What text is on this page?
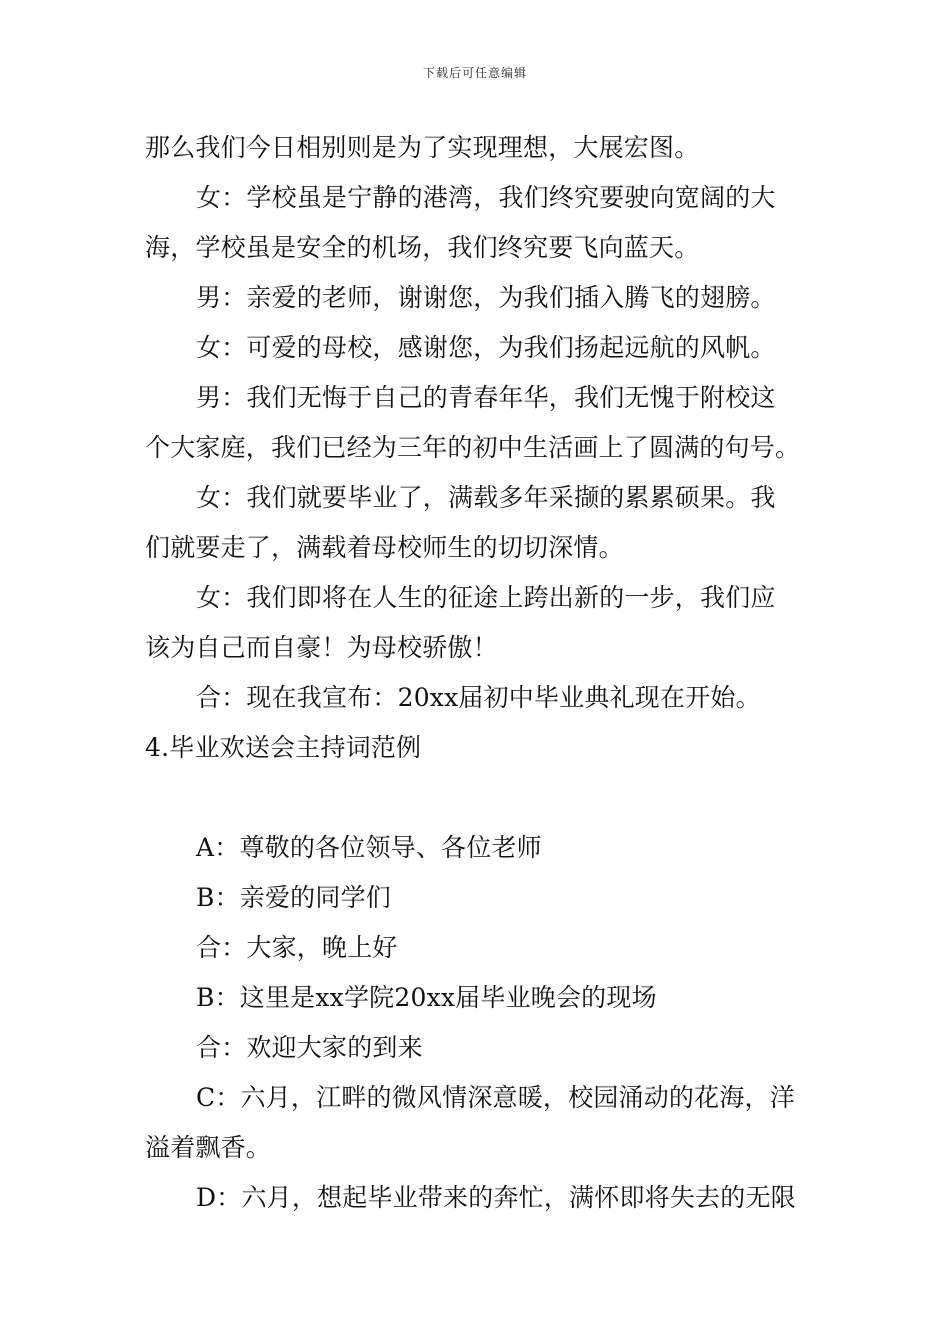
下载后可任意编辑
那么我们今日相别则是为了实现理想，大展宏图。
女：学校虽是宁静的港湾，我们终究要驶向宽阔的大
海，学校虽是安全的机场，我们终究要飞向蓝天。
男：亲爱的老师，谢谢您，为我们插入腾飞的翅膀。
女：可爱的母校，感谢您，为我们扬起远航的风帆。
男：我们无悔于自己的青春年华，我们无愧于附校这
个大家庭，我们已经为三年的初中生活画上了圆满的句号。
女：我们就要毕业了，满载多年采撷的累累硕果。我
们就要走了，满载着母校师生的切切深情。
女：我们即将在人生的征途上跨出新的一步，我们应
该为自己而自豪！为母校骄傲！
合：现在我宣布：20xx届初中毕业典礼现在开始。
4.毕业欢送会主持词范例
A：尊敬的各位领导、各位老师
B：亲爱的同学们
合：大家，晚上好
B：这里是xx学院20xx届毕业晚会的现场
合：欢迎大家的到来
C：六月，江畔的微风情深意暖，校园涌动的花海，洋
溢着飘香。
D：六月，想起毕业带来的奔忙，满怀即将失去的无限
